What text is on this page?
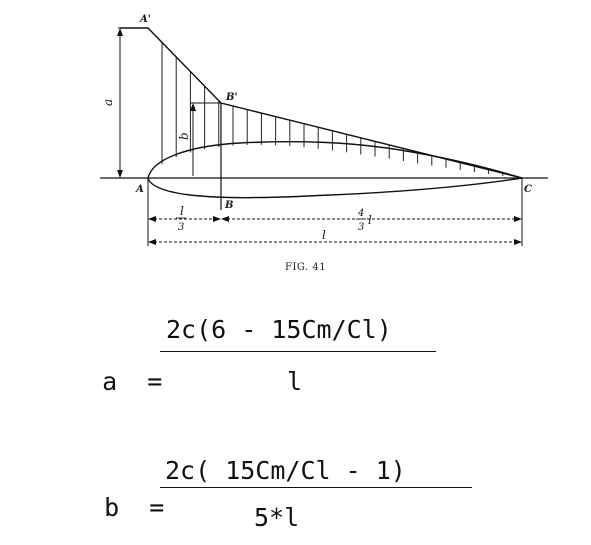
A'
B'
A
B
C
a
b
l
3
4
3
l
l
FIG. 41

a =

2c(6 - 15Cm/Cl)
l

b =

2c( 15Cm/Cl - 1)
5*l
